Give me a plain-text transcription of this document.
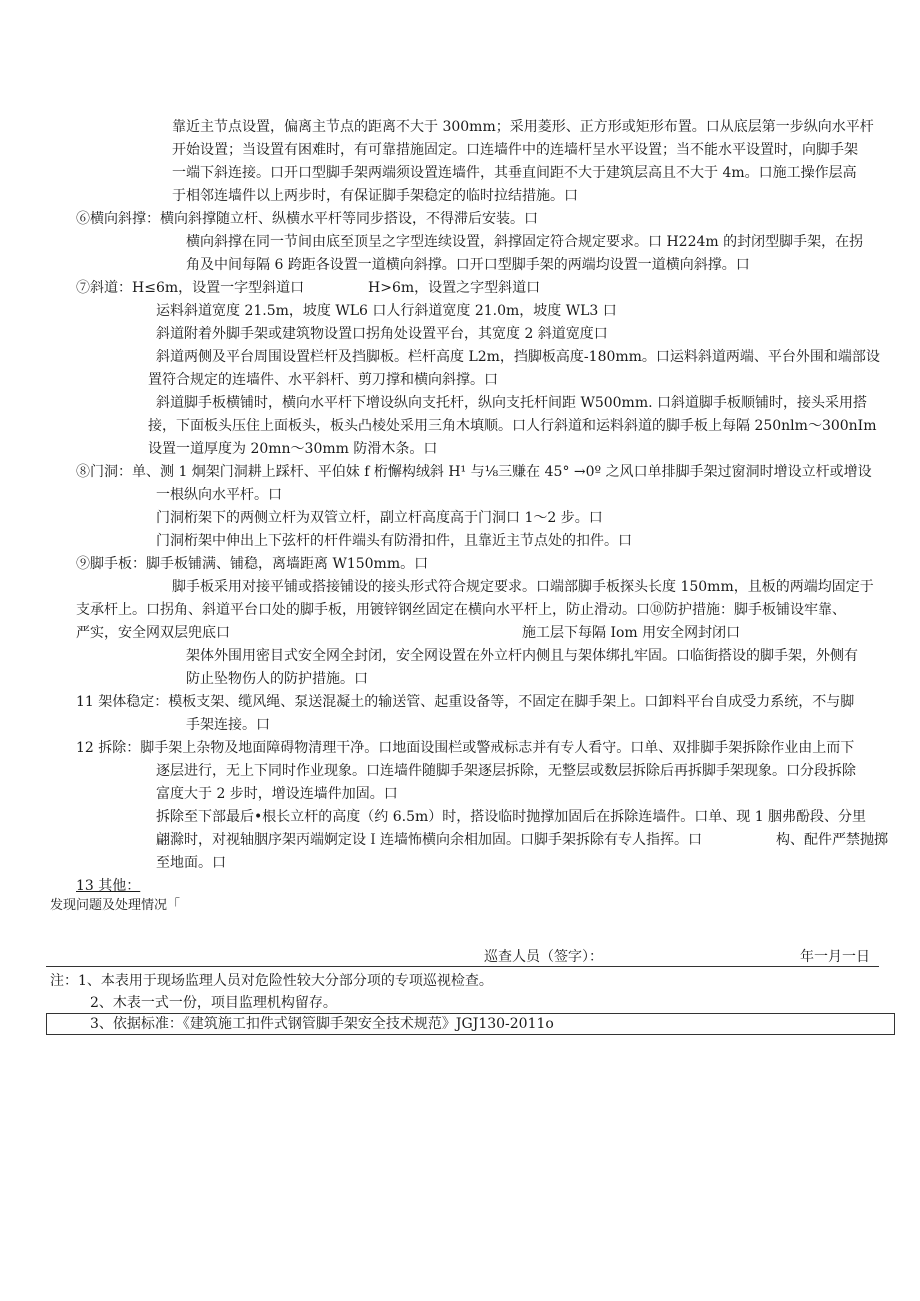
靠近主节点设置，偏离主节点的距离不大于 300mm；采用菱形、正方形或矩形布置。口从底层第一步纵向水平杆
开始设置；当设置有困难时，有可靠措施固定。口连墙件中的连墙杆呈水平设置；当不能水平设置时，向脚手架
一端下斜连接。口开口型脚手架两端须设置连墙件，其垂直间距不大于建筑层高且不大于 4m。口施工操作层高
于相邻连墙件以上两步时，有保证脚手架稳定的临时拉结措施。口
⑥横向斜撑：横向斜撑随立杆、纵横水平杆等同步搭设，不得滞后安装。口
横向斜撑在同一节间由底至顶呈之字型连续设置，斜撑固定符合规定要求。口 H224m 的封闭型脚手架，在拐
角及中间每隔 6 跨距各设置一道横向斜撑。口开口型脚手架的两端均设置一道横向斜撑。口
⑦斜道：H≤6m，设置一字型斜道口	H>6m，设置之字型斜道口
运料斜道宽度 21.5m，坡度 WL6 口人行斜道宽度 21.0m，坡度 WL3 口
斜道附着外脚手架或建筑物设置口拐角处设置平台，其宽度 2 斜道宽度口
斜道两侧及平台周围设置栏杆及挡脚板。栏杆高度 L2m，挡脚板高度-180mm。口运料斜道两端、平台外围和端部设
置符合规定的连墙件、水平斜杆、剪刀撑和横向斜撑。口
斜道脚手板横铺时，横向水平杆下增设纵向支托杆，纵向支托杆间距 W500mm. 口斜道脚手板顺铺时，接头采用搭
接，下面板头压住上面板头，板头凸棱处采用三角木填顺。口人行斜道和运料斜道的脚手板上每隔 250nlm～300nIm
设置一道厚度为 20mn～30mm 防滑木条。口
⑧门洞：单、测 1 炯架门洞耕上踩杆、平伯妹 f 桁懈构绒斜 H¹ 与⅛三赚在 45° →0º 之风口单排脚手架过窗洞时增设立杆或增设
一根纵向水平杆。口
门洞桁架下的两侧立杆为双管立杆，副立杆高度高于门洞口 1～2 步。口
门洞桁架中伸出上下弦杆的杆件端头有防滑扣件，且靠近主节点处的扣件。口
⑨脚手板：脚手板铺满、铺稳，离墙距离 W150mm。口
脚手板采用对接平铺或搭接铺设的接头形式符合规定要求。口端部脚手板探头长度 150mm，且板的两端均固定于
支承杆上。口拐角、斜道平台口处的脚手板，用镀锌钢丝固定在横向水平杆上，防止滑动。口⑩防护措施：脚手板铺设牢靠、
严实，安全网双层兜底口	施工层下每隔 Iom 用安全网封闭口
架体外围用密目式安全网全封闭，安全网设置在外立杆内侧且与架体绑扎牢固。口临街搭设的脚手架，外侧有
防止坠物伤人的防护措施。口
11 架体稳定：模板支架、缆风绳、泵送混凝土的输送管、起重设备等，不固定在脚手架上。口卸料平台自成受力系统，不与脚
手架连接。口
12 拆除：脚手架上杂物及地面障碍物清理干净。口地面设围栏或警戒标志并有专人看守。口单、双排脚手架拆除作业由上而下
逐层进行，无上下同时作业现象。口连墙件随脚手架逐层拆除，无整层或数层拆除后再拆脚手架现象。口分段拆除
富度大于 2 步时，增设连墙件加固。口
拆除至下部最后•根长立杆的高度（约 6.5m）时，搭设临时抛撑加固后在拆除连墙件。口单、现 1 胭弗酚段、分里
翩滁时，对视轴胭序架丙端婀定设Ｉ连墙怖横向余相加固。口脚手架拆除有专人指挥。口	构、配件严禁抛掷
至地面。口
13 其他：
发现问题及处理情况「
巡查人员（签字）：	年一月一日
注：1、本表用于现场监理人员对危险性较大分部分项的专项巡视检查。
2、木表一式一份，项目监理机构留存。
3、依据标准：《建筑施工扣件式钢管脚手架安全技术规范》JGJ130-2011o
